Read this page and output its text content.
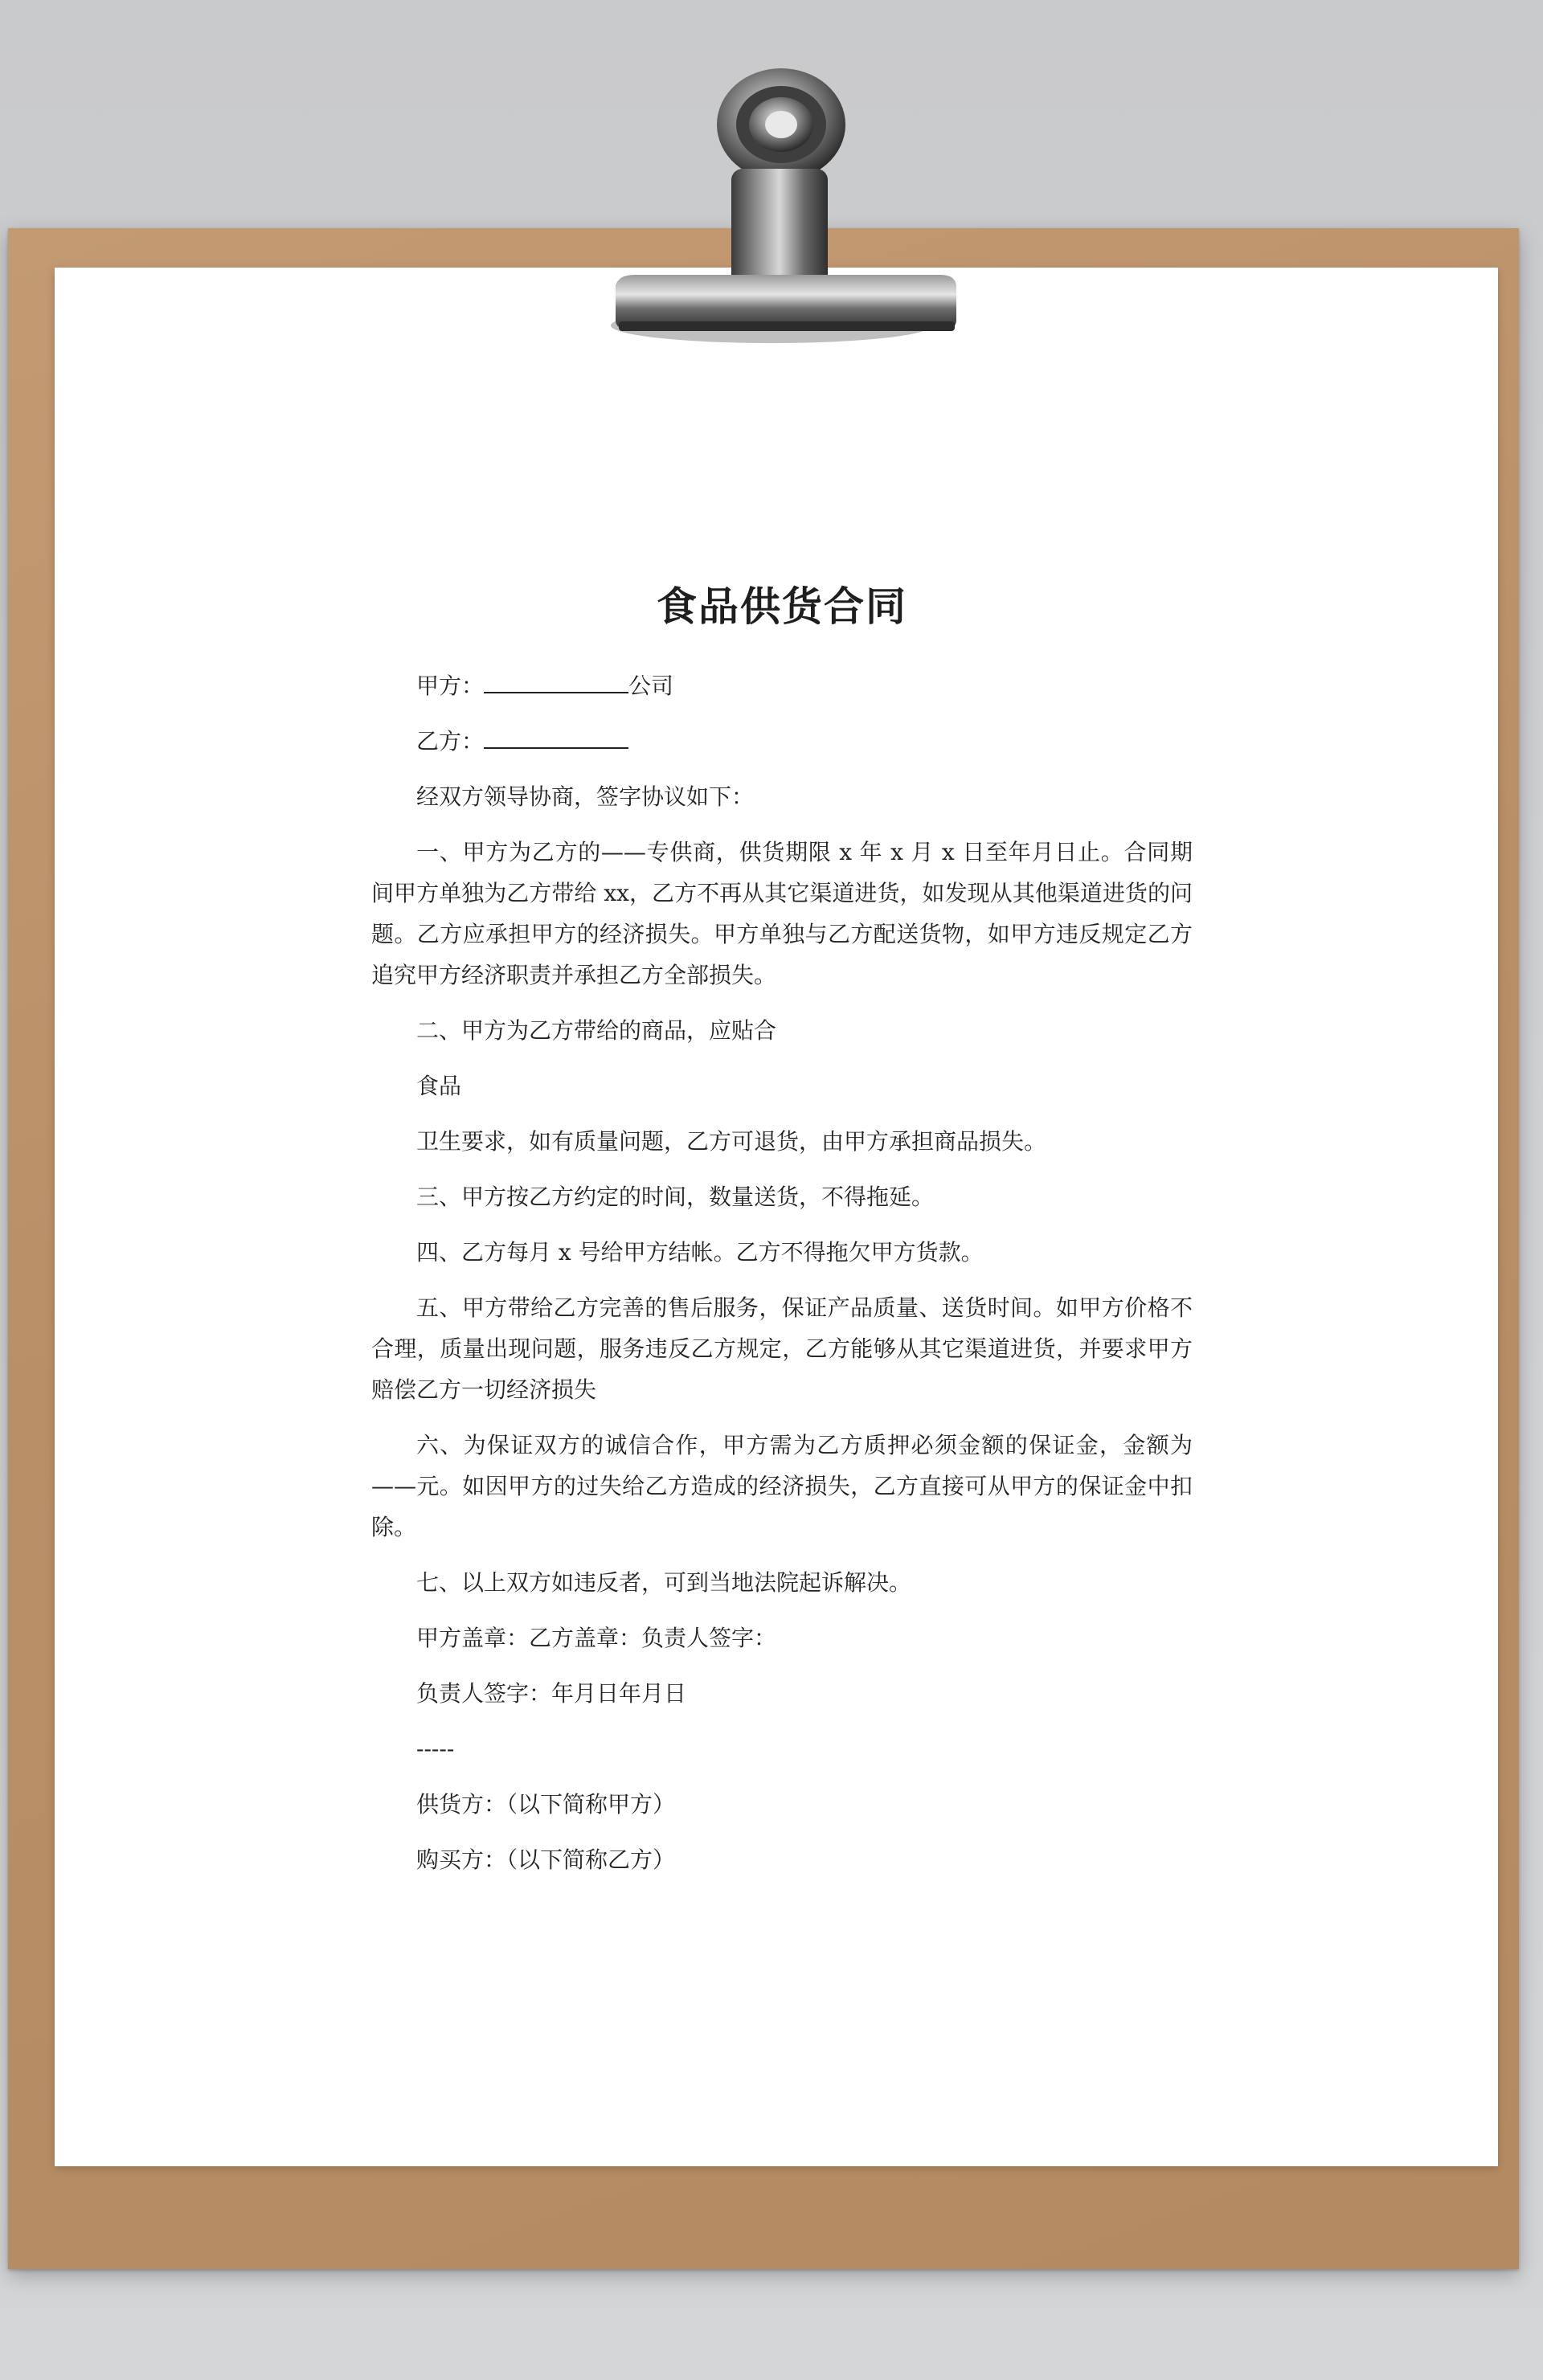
食品供货合同
甲方：	公司
乙方：
经双方领导协商，签字协议如下：
一、甲方为乙方的——专供商，供货期限 x 年 x 月 x 日至年月日止。合同期间甲方单独为乙方带给 xx，乙方不再从其它渠道进货，如发现从其他渠道进货的问题。乙方应承担甲方的经济损失。甲方单独与乙方配送货物，如甲方违反规定乙方追究甲方经济职责并承担乙方全部损失。
二、甲方为乙方带给的商品，应贴合
食品
卫生要求，如有质量问题，乙方可退货，由甲方承担商品损失。
三、甲方按乙方约定的时间，数量送货，不得拖延。
四、乙方每月 x 号给甲方结帐。乙方不得拖欠甲方货款。
五、甲方带给乙方完善的售后服务，保证产品质量、送货时间。如甲方价格不合理，质量出现问题，服务违反乙方规定，乙方能够从其它渠道进货，并要求甲方赔偿乙方一切经济损失
六、为保证双方的诚信合作，甲方需为乙方质押必须金额的保证金，金额为——元。如因甲方的过失给乙方造成的经济损失，乙方直接可从甲方的保证金中扣除。
七、以上双方如违反者，可到当地法院起诉解决。
甲方盖章：乙方盖章：负责人签字：
负责人签字：年月日年月日
-----
供货方：（以下简称甲方）
购买方：（以下简称乙方）
